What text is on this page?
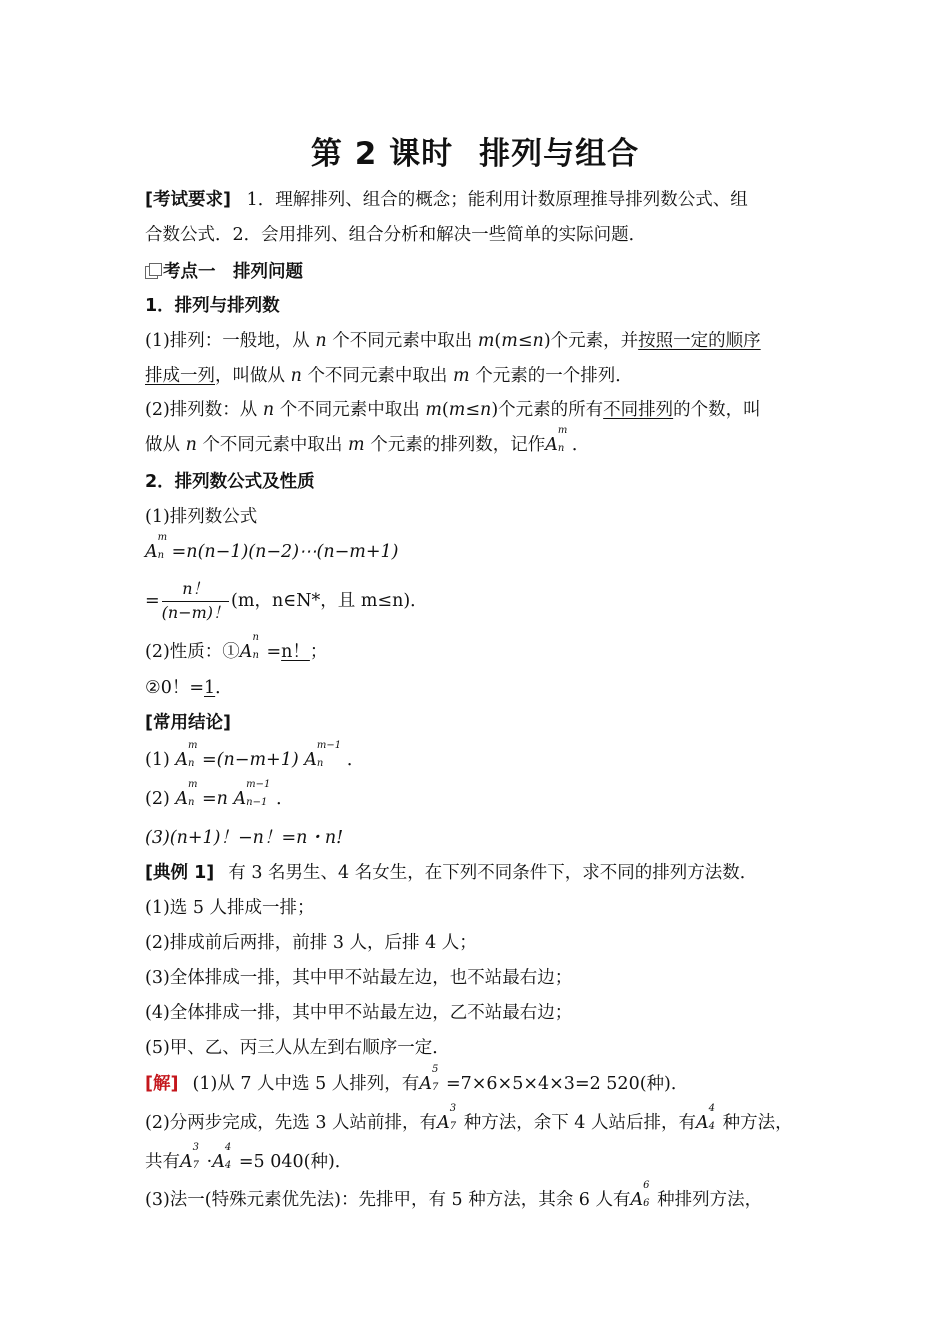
第 2 课时 排列与组合
[考试要求] 1．理解排列、组合的概念；能利用计数原理推导排列数公式、组
合数公式．2．会用排列、组合分析和解决一些简单的实际问题．
考点一　排列问题
1．排列与排列数
(1)排列：一般地，从 n 个不同元素中取出 m(m≤n)个元素，并按照一定的顺序
排成一列，叫做从 n 个不同元素中取出 m 个元素的一个排列．
(2)排列数：从 n 个不同元素中取出 m(m≤n)个元素的所有不同排列的个数，叫
做从 n 个不同元素中取出 m 个元素的排列数，记作A
m
n ．
2．排列数公式及性质
(1)排列数公式
A
m
n =n(n−1)(n−2)⋯(n−m+1)
= $\frac{n!}{(n-m)!} (m$，n∈N*，且 m≤n)．
(2)性质：①A
n
n =n！；
②0！=1．
[常用结论]
(1) A
m
n =(n−m+1) A
m−1
n ．
(2) A
m
n =n A
m−1
n−1 ．
(3)(n+1)！−n！=n・n!
[典例 1] 有 3 名男生、4 名女生，在下列不同条件下，求不同的排列方法数．
(1)选 5 人排成一排；
(2)排成前后两排，前排 3 人，后排 4 人；
(3)全体排成一排，其中甲不站最左边，也不站最右边；
(4)全体排成一排，其中甲不站最左边，乙不站最右边；
(5)甲、乙、丙三人从左到右顺序一定．
[解] (1)从 7 人中选 5 人排列，有A
5
7 =7×6×5×4×3=2 520(种)．
(2)分两步完成，先选 3 人站前排，有A
3
7 种方法，余下 4 人站后排，有A
4
4 种方法，
共有A
3
7 ·A
4
4 =5 040(种)．
(3)法一(特殊元素优先法)：先排甲，有 5 种方法，其余 6 人有A
6
6 种排列方法，
